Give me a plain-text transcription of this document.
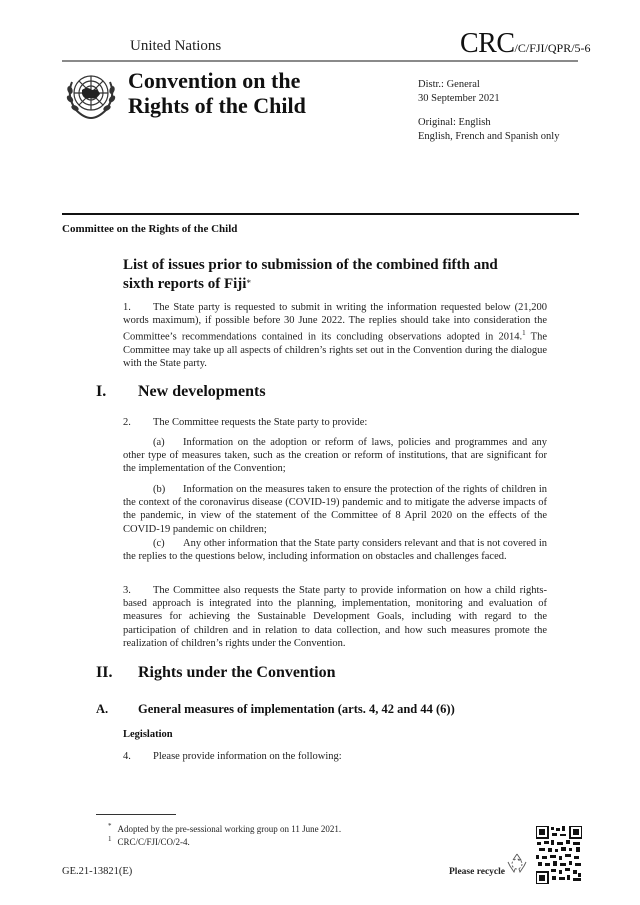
United Nations	CRC/C/FJI/QPR/5-6
Convention on the
Rights of the Child
Distr.: General
30 September 2021
Original: English
English, French and Spanish only
Committee on the Rights of the Child
List of issues prior to submission of the combined fifth and
sixth reports of Fiji*
1. The State party is requested to submit in writing the information requested below (21,200 words maximum), if possible before 30 June 2022. The replies should take into consideration the Committee’s recommendations contained in its concluding observations adopted in 2014.$^1$ The Committee may take up all aspects of children’s rights set out in the Convention during the dialogue with the State party.
I. New developments
2. The Committee requests the State party to provide:
(a) Information on the adoption or reform of laws, policies and programmes and any other type of measures taken, such as the creation or reform of institutions, that are significant for the implementation of the Convention;
(b) Information on the measures taken to ensure the protection of the rights of children in the context of the coronavirus disease (COVID-19) pandemic and to mitigate the adverse impacts of the pandemic, in view of the statement of the Committee of 8 April 2020 on the effects of the COVID-19 pandemic on children;
(c) Any other information that the State party considers relevant and that is not covered in the replies to the questions below, including information on obstacles and challenges faced.
3. The Committee also requests the State party to provide information on how a child rights-based approach is integrated into the planning, implementation, monitoring and evaluation of measures for achieving the Sustainable Development Goals, including with regard to the participation of children and in relation to data collection, and how such measures promote the realization of children’s rights under the Convention.
II. Rights under the Convention
A. General measures of implementation (arts. 4, 42 and 44 (6))
Legislation
4. Please provide information on the following:
* Adopted by the pre-sessional working group on 11 June 2021.
$^1$ CRC/C/FJI/CO/2-4.
GE.21-13821(E)	Please recycle
